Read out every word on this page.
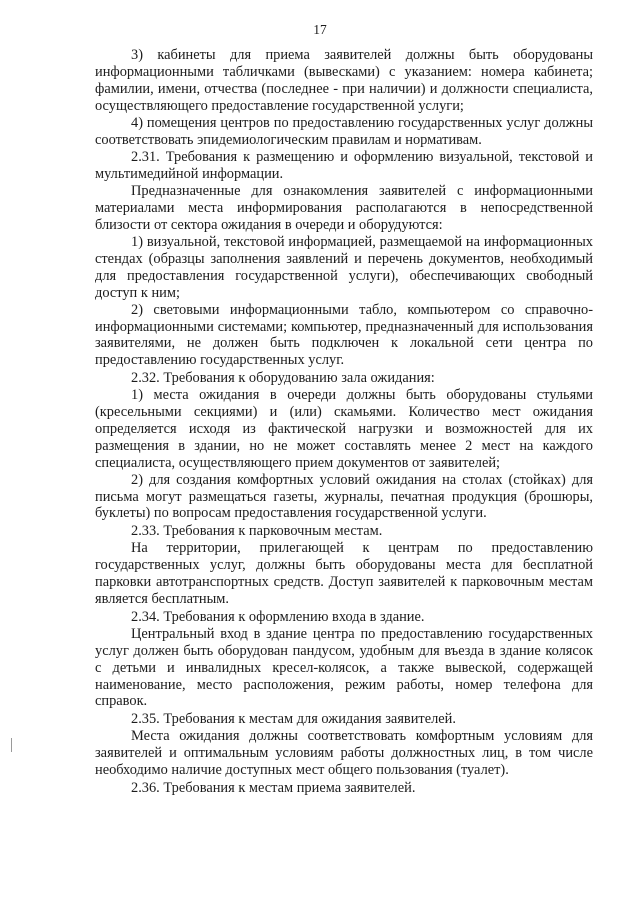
17

3) кабинеты для приема заявителей должны быть оборудованы информационными табличками (вывесками) с указанием: номера кабинета; фамилии, имени, отчества (последнее - при наличии) и должности специалиста, осуществляющего предоставление государственной услуги;

4) помещения центров по предоставлению государственных услуг должны соответствовать эпидемиологическим правилам и нормативам.

2.31. Требования к размещению и оформлению визуальной, текстовой и мультимедийной информации.

Предназначенные для ознакомления заявителей с информационными материалами места информирования располагаются в непосредственной близости от сектора ожидания в очереди и оборудуются:

1) визуальной, текстовой информацией, размещаемой на информационных стендах (образцы заполнения заявлений и перечень документов, необходимый для предоставления государственной услуги), обеспечивающих свободный доступ к ним;

2) световыми информационными табло, компьютером со справочно-информационными системами; компьютер, предназначенный для использования заявителями, не должен быть подключен к локальной сети центра по предоставлению государственных услуг.

2.32. Требования к оборудованию зала ожидания:

1) места ожидания в очереди должны быть оборудованы стульями (кресельными секциями) и (или) скамьями. Количество мест ожидания определяется исходя из фактической нагрузки и возможностей для их размещения в здании, но не может составлять менее 2 мест на каждого специалиста, осуществляющего прием документов от заявителей;

2) для создания комфортных условий ожидания на столах (стойках) для письма могут размещаться газеты, журналы, печатная продукция (брошюры, буклеты) по вопросам предоставления государственной услуги.

2.33. Требования к парковочным местам.

На территории, прилегающей к центрам по предоставлению государственных услуг, должны быть оборудованы места для бесплатной парковки автотранспортных средств. Доступ заявителей к парковочным местам является бесплатным.

2.34. Требования к оформлению входа в здание.

Центральный вход в здание центра по предоставлению государственных услуг должен быть оборудован пандусом, удобным для въезда в здание колясок с детьми и инвалидных кресел-колясок, а также вывеской, содержащей наименование, место расположения, режим работы, номер телефона для справок.

2.35. Требования к местам для ожидания заявителей.

Места ожидания должны соответствовать комфортным условиям для заявителей и оптимальным условиям работы должностных лиц, в том числе необходимо наличие доступных мест общего пользования (туалет).

2.36. Требования к местам приема заявителей.
